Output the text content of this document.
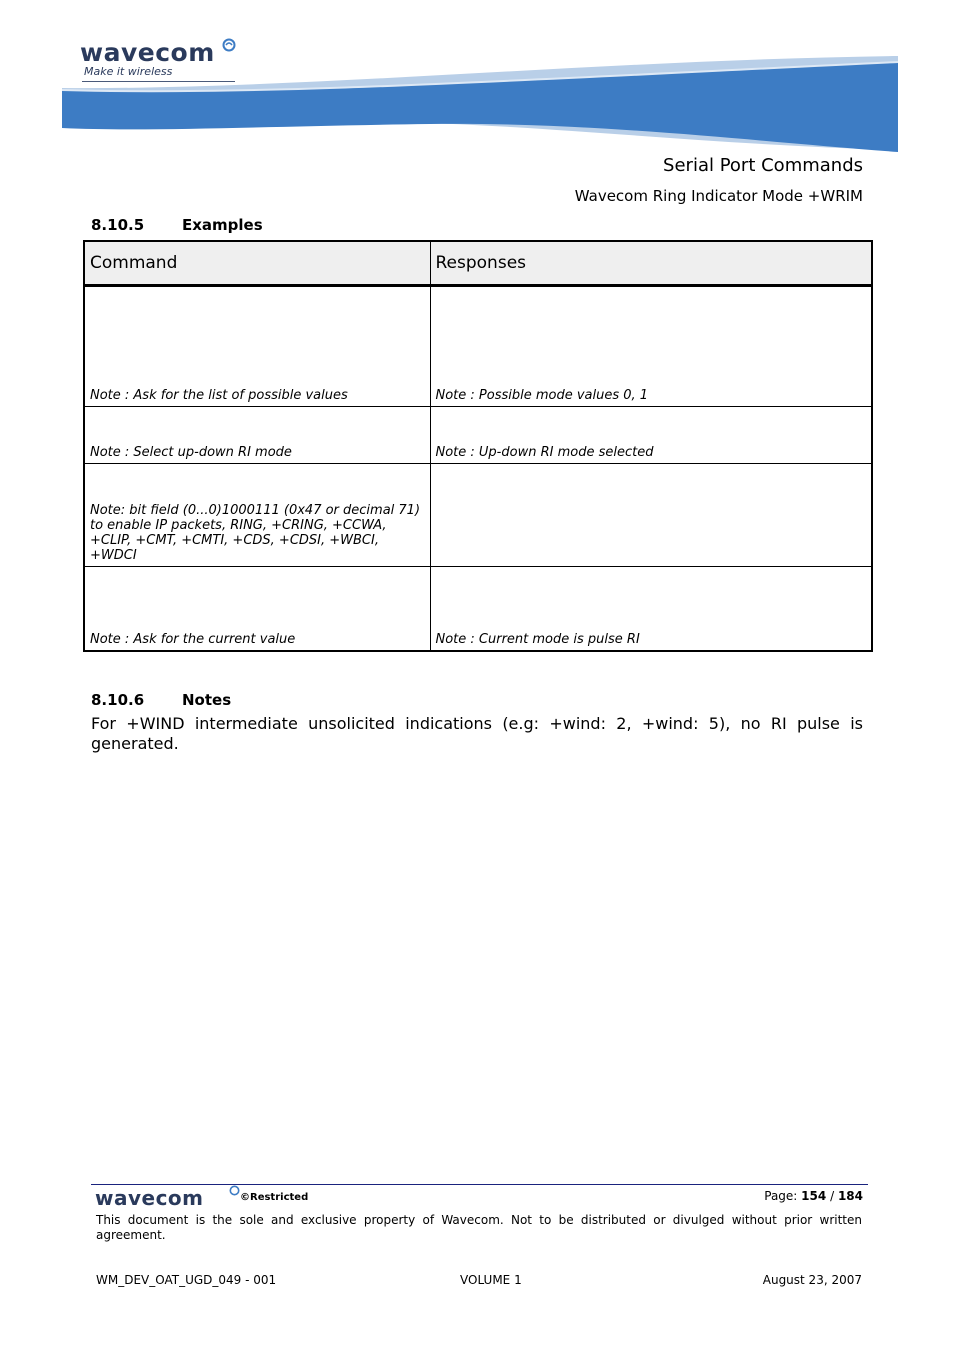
wavecom
Make it wireless
Serial Port Commands
Wavecom Ring Indicator Mode +WRIM
8.10.5	Examples
Command	Responses

Note : Ask for the list of possible values	Note : Possible mode values 0, 1

Note : Select up-down RI mode	Note : Up-down RI mode selected

Note: bit field (0...0)1000111 (0x47 or decimal 71) to enable IP packets, RING, +CRING, +CCWA, +CLIP, +CMT, +CMTI, +CDS, +CDSI, +WBCI, +WDCI	

Note : Ask for the current value	Note : Current mode is pulse RI
8.10.6	Notes
For +WIND intermediate unsolicited indications (e.g: +wind: 2, +wind: 5), no RI pulse is generated.
wavecom	©Restricted	Page: 154 / 184
This document is the sole and exclusive property of Wavecom. Not to be distributed or divulged without prior written agreement.
WM_DEV_OAT_UGD_049 - 001	VOLUME 1	August 23, 2007
